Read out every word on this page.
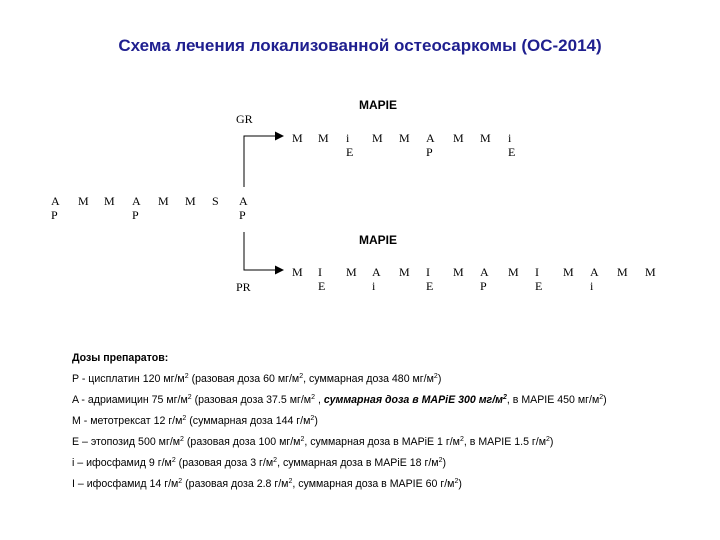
Схема лечения локализованной остеосаркомы (ОС-2014)
A
P
M M A
P
M M S A
P
GR
MAPIE
M M i
E
M M A
P
M M i
E
MAPIE
PR
M I
E
M A
i
M I
E
M A
P
M I
E
M A
i
M M
Дозы препаратов:
P - цисплатин 120 $мг/м^2$ (разовая доза 60 $мг/м^2$, суммарная доза 480 $мг/м^2$)
A - адриамицин 75 $мг/м^2$ (разовая доза 37.5 $мг/м^2$ , суммарная доза в MAPiE 300 $мг/м^2$, в MAPIE 450 $мг/м^2$)
M - метотрексат 12 $г/м^2$ (суммарная доза 144 $г/м^2$)
E – этопозид 500 $мг/м^2$ (разовая доза 100 $мг/м^2$, суммарная доза в MAPiE 1 $г/м^2$, в MAPIE 1.5 $г/м^2$)
i – ифосфамид 9 $г/м^2$ (разовая доза 3 $г/м^2$, суммарная доза в MAPiE 18 $г/м^2$)
I – ифосфамид 14 $г/м^2$ (разовая доза 2.8 $г/м^2$, суммарная доза в MAPIE 60 $г/м^2$)
